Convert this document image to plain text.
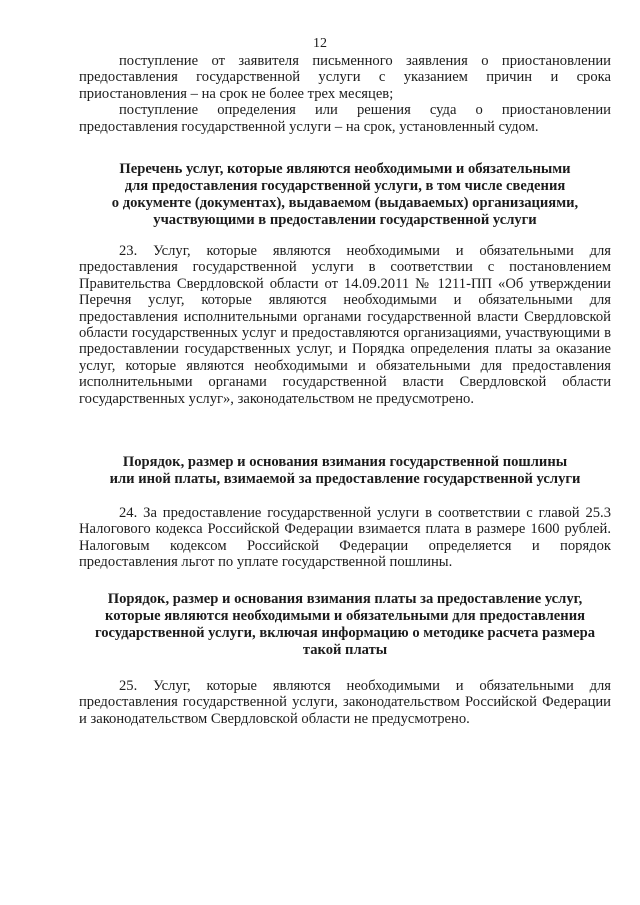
12

поступление от заявителя письменного заявления о приостановлении предоставления государственной услуги с указанием причин и срока приостановления – на срок не более трех месяцев;

поступление определения или решения суда о приостановлении предоставления государственной услуги – на срок, установленный судом.

Перечень услуг, которые являются необходимыми и обязательными
для предоставления государственной услуги, в том числе сведения
о документе (документах), выдаваемом (выдаваемых) организациями,
участвующими в предоставлении государственной услуги

23. Услуг, которые являются необходимыми и обязательными для предоставления государственной услуги в соответствии с постановлением Правительства Свердловской области от 14.09.2011 № 1211-ПП «Об утверждении Перечня услуг, которые являются необходимыми и обязательными для предоставления исполнительными органами государственной власти Свердловской области государственных услуг и предоставляются организациями, участвующими в предоставлении государственных услуг, и Порядка определения платы за оказание услуг, которые являются необходимыми и обязательными для предоставления исполнительными органами государственной власти Свердловской области государственных услуг», законодательством не предусмотрено.

Порядок, размер и основания взимания государственной пошлины
или иной платы, взимаемой за предоставление государственной услуги

24. За предоставление государственной услуги в соответствии с главой 25.3 Налогового кодекса Российской Федерации взимается плата в размере 1600 рублей. Налоговым кодексом Российской Федерации определяется и порядок предоставления льгот по уплате государственной пошлины.

Порядок, размер и основания взимания платы за предоставление услуг,
которые являются необходимыми и обязательными для предоставления
государственной услуги, включая информацию о методике расчета размера
такой платы

25. Услуг, которые являются необходимыми и обязательными для предоставления государственной услуги, законодательством Российской Федерации и законодательством Свердловской области не предусмотрено.
